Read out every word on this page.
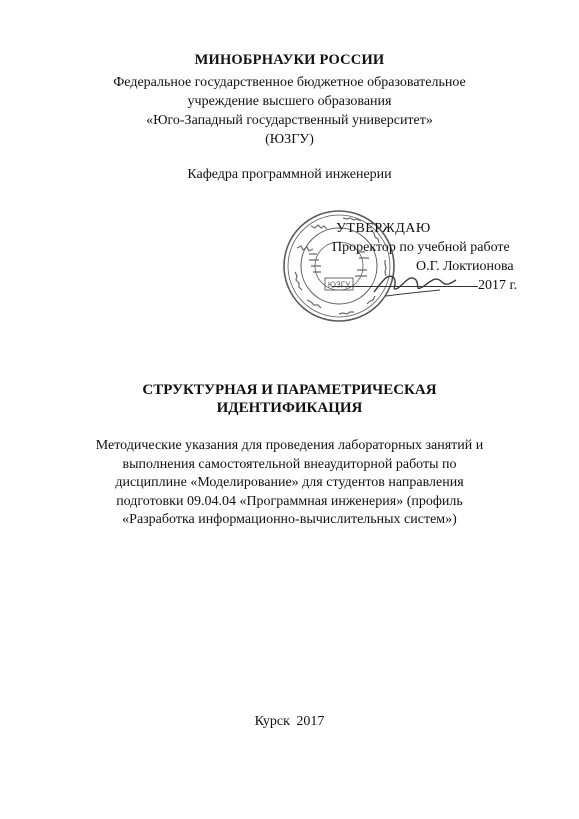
МИНОБРНАУКИ РОССИИ
Федеральное государственное бюджетное образовательное
учреждение высшего образования
«Юго-Западный государственный университет»
(ЮЗГУ)
Кафедра программной инженерии
ЮЗГУ
УТВЕРЖДАЮ
Проректор по учебной работе
О.Г. Локтионова
2017 г.
СТРУКТУРНАЯ И ПАРАМЕТРИЧЕСКАЯ
ИДЕНТИФИКАЦИЯ
Методические указания для проведения лабораторных занятий и
выполнения самостоятельной внеаудиторной работы по
дисциплине «Моделирование» для студентов направления
подготовки 09.04.04 «Программная инженерия» (профиль
«Разработка информационно-вычислительных систем»)
Курск 2017
